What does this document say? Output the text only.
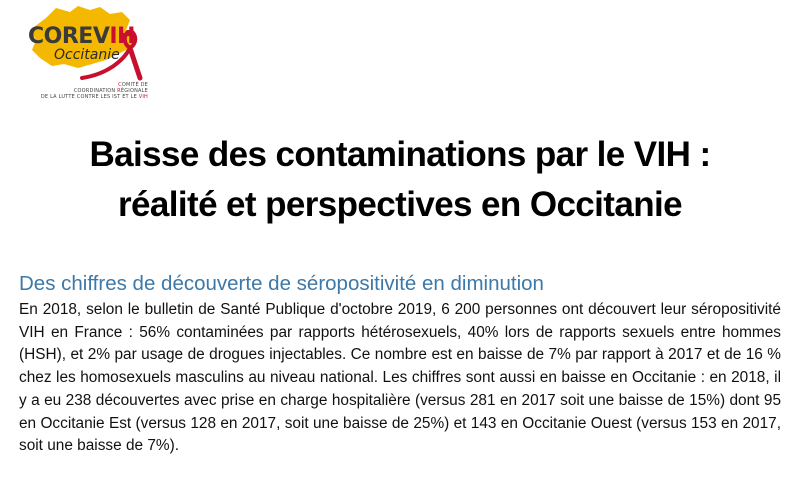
COREVIH
Occitanie
COMITÉ DE
COORDINATION RÉGIONALE
DE LA LUTTE CONTRE LES IST ET LE VIH
Baisse des contaminations par le VIH :
réalité et perspectives en Occitanie
Des chiffres de découverte de séropositivité en diminution
En 2018, selon le bulletin de Santé Publique d'octobre 2019, 6 200 personnes ont découvert leur séropositivité VIH en France : 56% contaminées par rapports hétérosexuels, 40% lors de rapports sexuels entre hommes (HSH), et 2% par usage de drogues injectables. Ce nombre est en baisse de 7% par rapport à 2017 et de 16 % chez les homosexuels masculins au niveau national. Les chiffres sont aussi en baisse en Occitanie : en 2018, il y a eu 238 découvertes avec prise en charge hospitalière (versus 281 en 2017 soit une baisse de 15%) dont 95 en Occitanie Est (versus 128 en 2017, soit une baisse de 25%) et 143 en Occitanie Ouest (versus 153 en 2017, soit une baisse de 7%).
